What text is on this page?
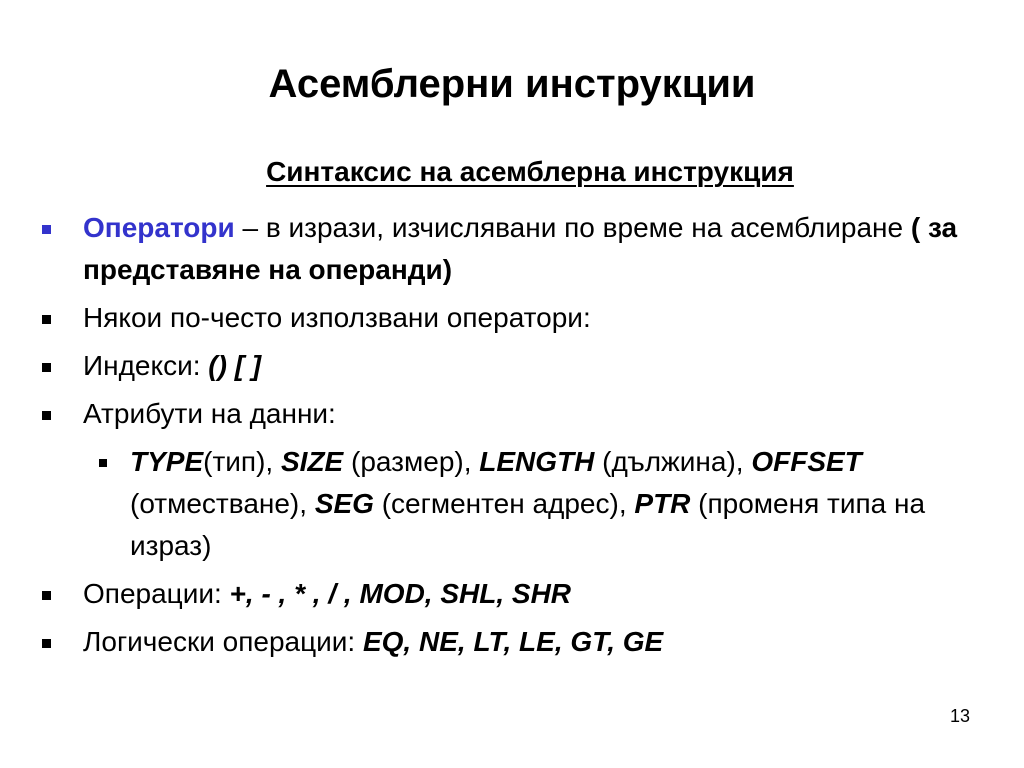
Асемблерни инструкции
Синтаксис на асемблерна инструкция
Оператори – в изрази, изчислявани по време на асемблиране ( за представяне на операнди)
Някои по-често използвани оператори:
Индекси: () [ ]
Атрибути на данни:
TYPE(тип), SIZE (размер), LENGTH (дължина), OFFSET (отместване), SEG (сегментен адрес), PTR (променя типа на израз)
Операции: +, - , * , / , MOD, SHL, SHR
Логически операции: EQ, NE, LT, LE, GT, GE
13
